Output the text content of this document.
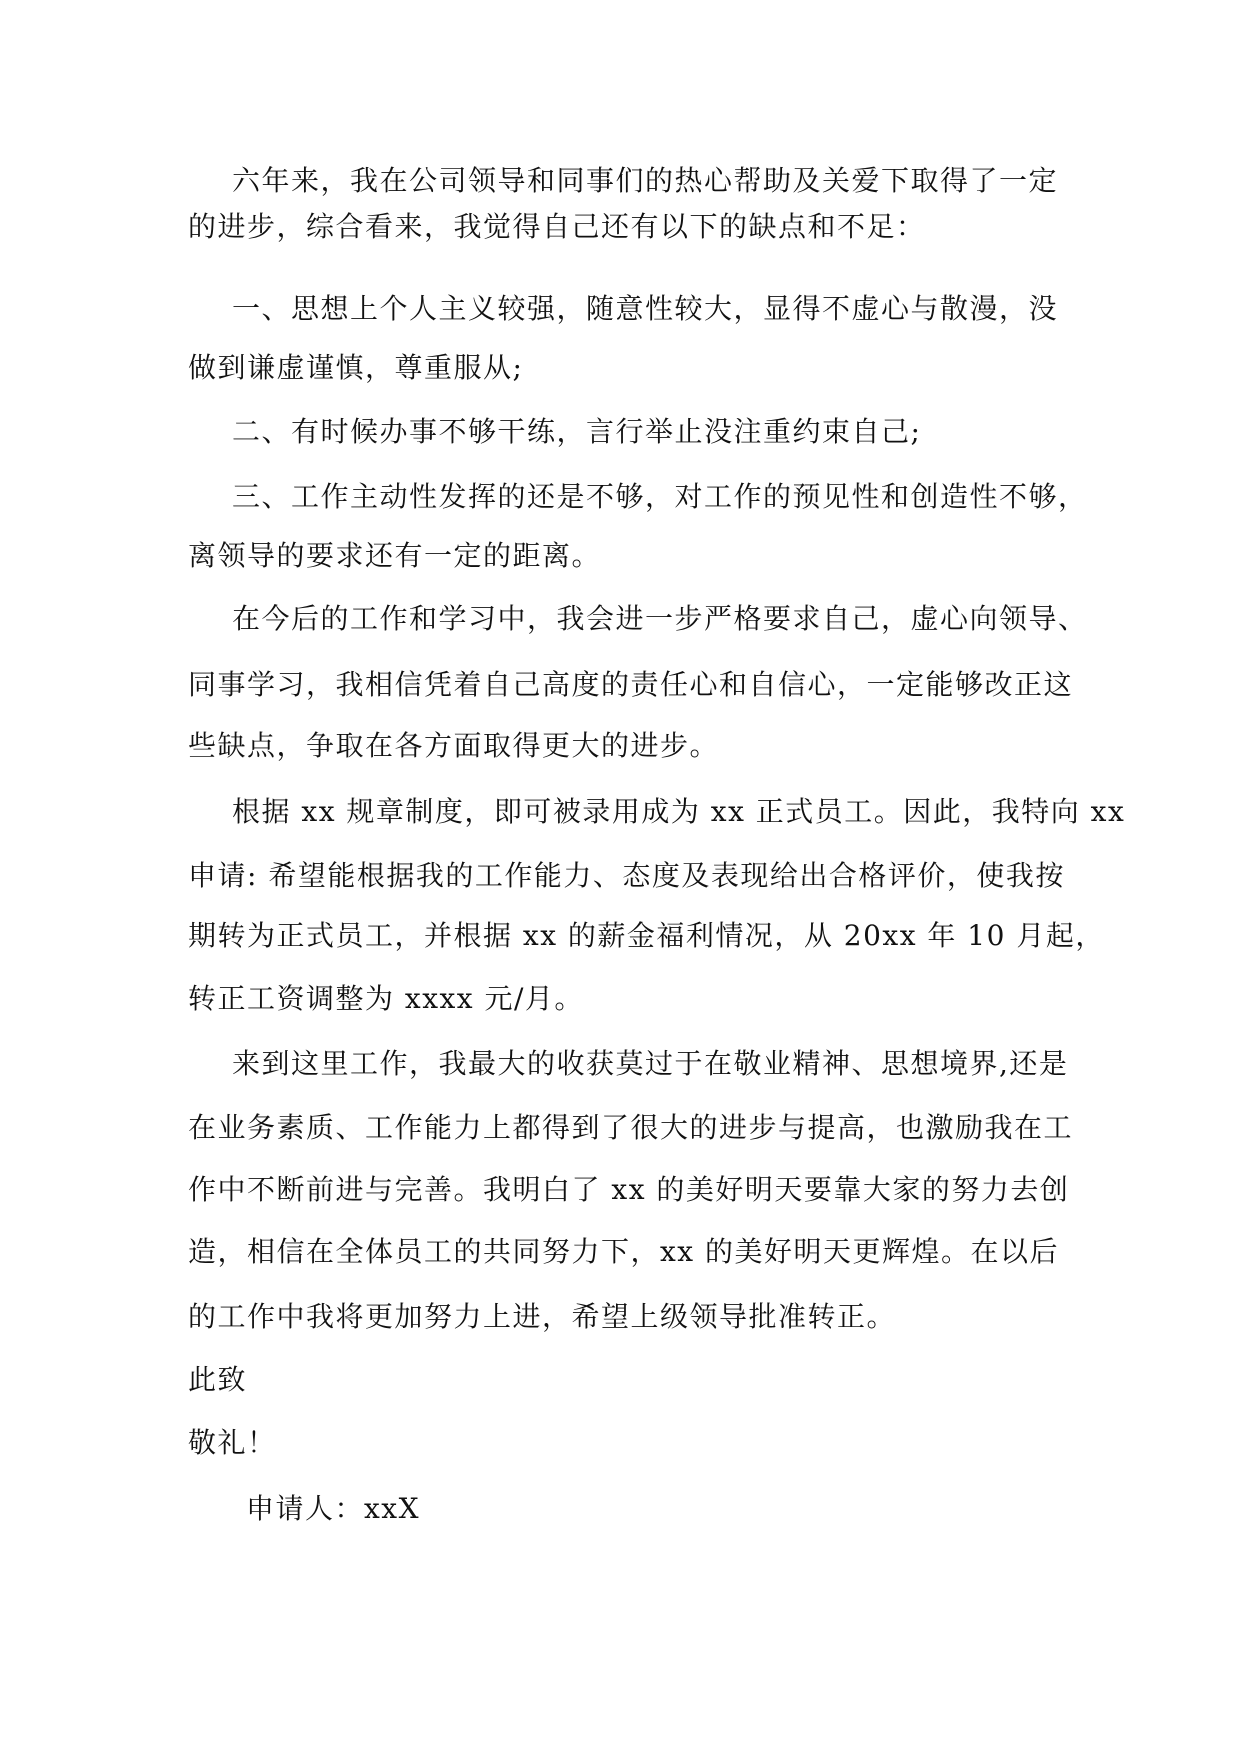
六年来，我在公司领导和同事们的热心帮助及关爱下取得了一定
的进步，综合看来，我觉得自己还有以下的缺点和不足：
一、思想上个人主义较强，随意性较大，显得不虚心与散漫，没
做到谦虚谨慎，尊重服从;
二、有时候办事不够干练，言行举止没注重约束自己;
三、工作主动性发挥的还是不够，对工作的预见性和创造性不够，
离领导的要求还有一定的距离。
在今后的工作和学习中，我会进一步严格要求自己，虚心向领导、
同事学习，我相信凭着自己高度的责任心和自信心，一定能够改正这
些缺点，争取在各方面取得更大的进步。
根据 xx 规章制度，即可被录用成为 xx 正式员工。因此，我特向 xx
申请: 希望能根据我的工作能力、态度及表现给出合格评价，使我按
期转为正式员工，并根据 xx 的薪金福利情况，从 20xx 年 10 月起，
转正工资调整为 xxxx 元/月。
来到这里工作，我最大的收获莫过于在敬业精神、思想境界,还是
在业务素质、工作能力上都得到了很大的进步与提高，也激励我在工
作中不断前进与完善。我明白了 xx 的美好明天要靠大家的努力去创
造，相信在全体员工的共同努力下，xx 的美好明天更辉煌。在以后
的工作中我将更加努力上进，希望上级领导批准转正。
此致
敬礼！
申请人：xxX
